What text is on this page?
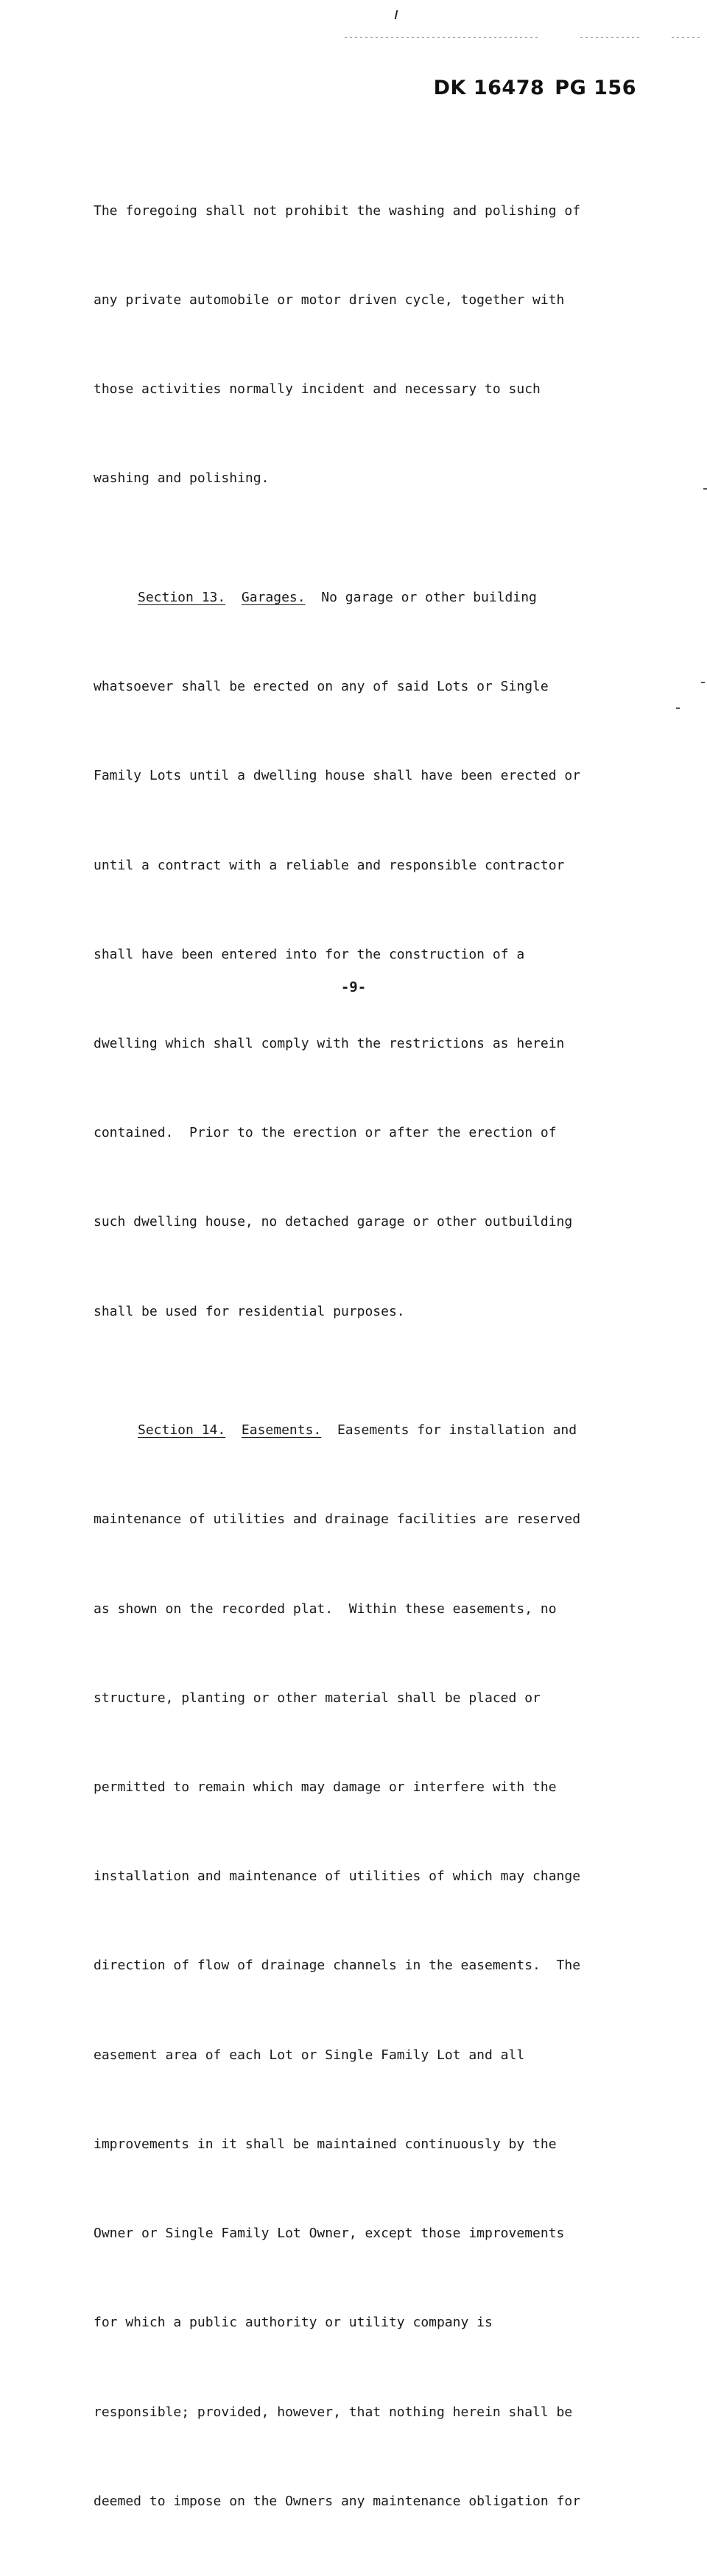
DK 16478 PG 156

The foregoing shall not prohibit the washing and polishing of

any private automobile or motor driven cycle, together with

those activities normally incident and necessary to such

washing and polishing.

Section 13. Garages. No garage or other building

whatsoever shall be erected on any of said Lots or Single

Family Lots until a dwelling house shall have been erected or

until a contract with a reliable and responsible contractor

shall have been entered into for the construction of a

dwelling which shall comply with the restrictions as herein

contained.  Prior to the erection or after the erection of

such dwelling house, no detached garage or other outbuilding

shall be used for residential purposes.

Section 14. Easements. Easements for installation and

maintenance of utilities and drainage facilities are reserved

as shown on the recorded plat.  Within these easements, no

structure, planting or other material shall be placed or

permitted to remain which may damage or interfere with the

installation and maintenance of utilities of which may change

direction of flow of drainage channels in the easements.  The

easement area of each Lot or Single Family Lot and all

improvements in it shall be maintained continuously by the

Owner or Single Family Lot Owner, except those improvements

for which a public authority or utility company is

responsible; provided, however, that nothing herein shall be

deemed to impose on the Owners any maintenance obligation for

-9-
